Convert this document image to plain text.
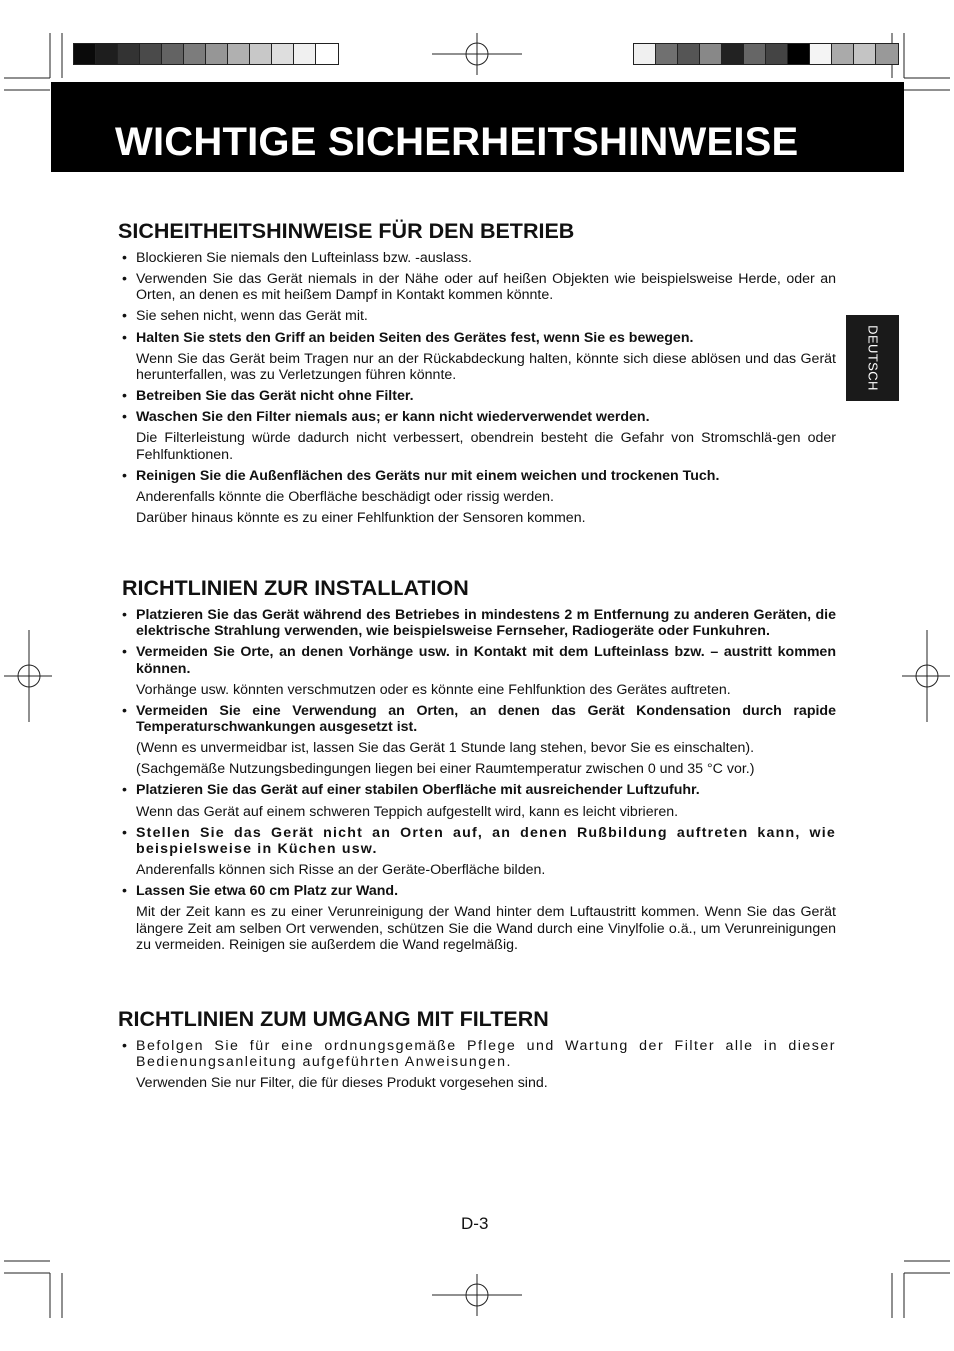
WICHTIGE SICHERHEITSHINWEISE
DEUTSCH
SICHEITHEITSHINWEISE FÜR DEN BETRIEB
• Blockieren Sie niemals den Lufteinlass bzw. -auslass.
• Verwenden Sie das Gerät niemals in der Nähe oder auf heißen Objekten wie beispielsweise Herde, oder an Orten, an denen es mit heißem Dampf in Kontakt kommen könnte.
• Sie sehen nicht, wenn das Gerät mit.
• Halten Sie stets den Griff an beiden Seiten des Gerätes fest, wenn Sie es bewegen.
Wenn Sie das Gerät beim Tragen nur an der Rückabdeckung halten, könnte sich diese ablösen und das Gerät herunterfallen, was zu Verletzungen führen könnte.
• Betreiben Sie das Gerät nicht ohne Filter.
• Waschen Sie den Filter niemals aus; er kann nicht wiederverwendet werden.
Die Filterleistung würde dadurch nicht verbessert, obendrein besteht die Gefahr von Stromschlä-gen oder Fehlfunktionen.
• Reinigen Sie die Außenflächen des Geräts nur mit einem weichen und trockenen Tuch.
Anderenfalls könnte die Oberfläche beschädigt oder rissig werden.
Darüber hinaus könnte es zu einer Fehlfunktion der Sensoren kommen.
RICHTLINIEN ZUR INSTALLATION
• Platzieren Sie das Gerät während des Betriebes in mindestens 2 m Entfernung zu anderen Geräten, die elektrische Strahlung verwenden, wie beispielsweise Fernseher, Radiogeräte oder Funkuhren.
• Vermeiden Sie Orte, an denen Vorhänge usw. in Kontakt mit dem Lufteinlass bzw. – austritt kommen können.
Vorhänge usw. könnten verschmutzen oder es könnte eine Fehlfunktion des Gerätes auftreten.
• Vermeiden Sie eine Verwendung an Orten, an denen das Gerät Kondensation durch rapide Temperaturschwankungen ausgesetzt ist.
(Wenn es unvermeidbar ist, lassen Sie das Gerät 1 Stunde lang stehen, bevor Sie es einschalten).
(Sachgemäße Nutzungsbedingungen liegen bei einer Raumtemperatur zwischen 0 und 35 °C vor.)
• Platzieren Sie das Gerät auf einer stabilen Oberfläche mit ausreichender Luftzufuhr.
Wenn das Gerät auf einem schweren Teppich aufgestellt wird, kann es leicht vibrieren.
• Stellen Sie das Gerät nicht an Orten auf, an denen Rußbildung auftreten kann, wie beispielsweise in Küchen usw.
Anderenfalls können sich Risse an der Geräte-Oberfläche bilden.
• Lassen Sie etwa 60 cm Platz zur Wand.
Mit der Zeit kann es zu einer Verunreinigung der Wand hinter dem Luftaustritt kommen. Wenn Sie das Gerät längere Zeit am selben Ort verwenden, schützen Sie die Wand durch eine Vinylfolie o.ä., um Verunreinigungen zu vermeiden. Reinigen sie außerdem die Wand regelmäßig.
RICHTLINIEN ZUM UMGANG MIT FILTERN
• Befolgen Sie für eine ordnungsgemäße Pflege und Wartung der Filter alle in dieser Bedienungsanleitung aufgeführten Anweisungen.
Verwenden Sie nur Filter, die für dieses Produkt vorgesehen sind.
D-3
